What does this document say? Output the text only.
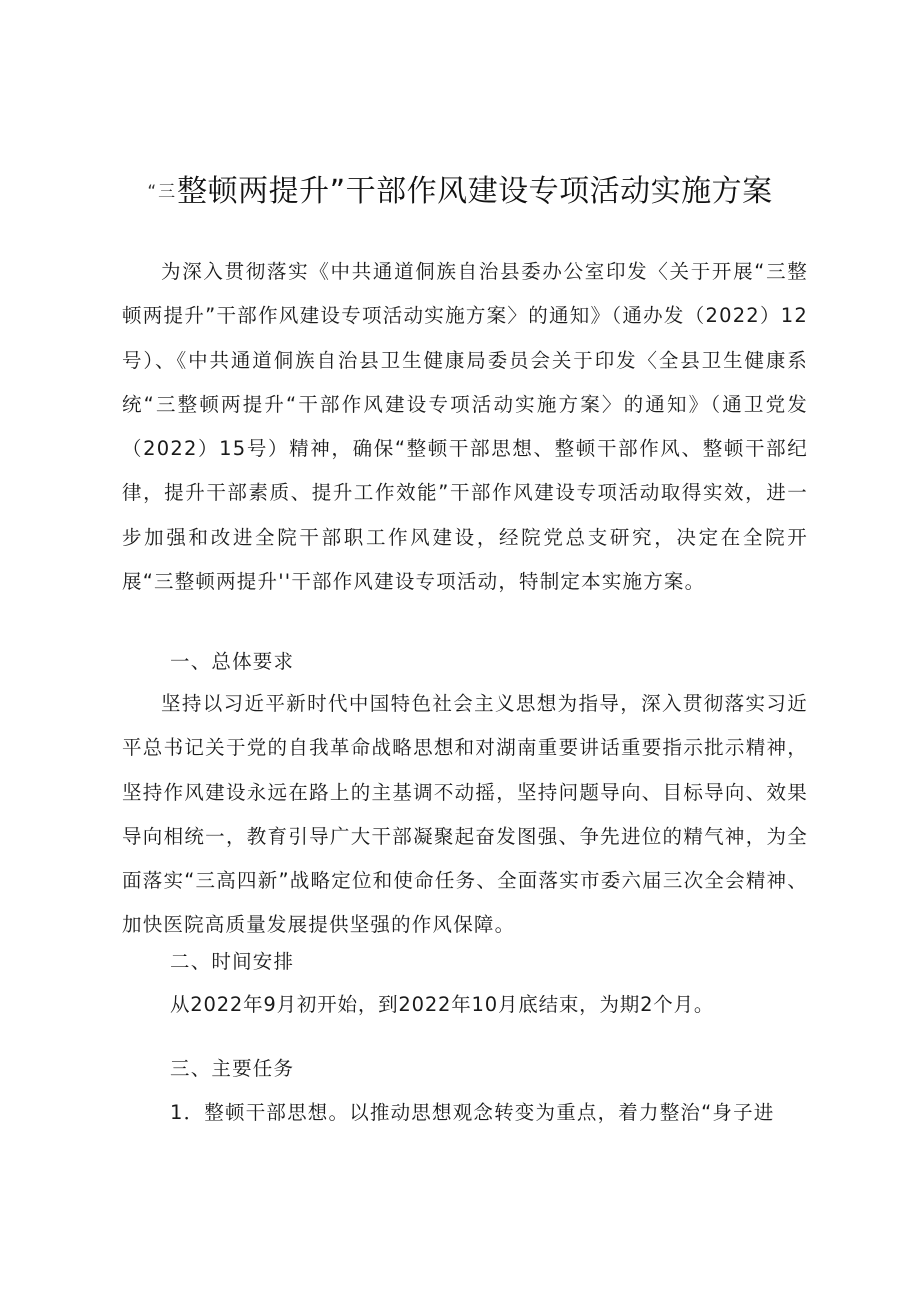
“三整顿两提升”干部作风建设专项活动实施方案

为深入贯彻落实《中共通道侗族自治县委办公室印发〈关于开展“三整顿两提升”干部作风建设专项活动实施方案〉的通知》（通办发（2022）12号）、《中共通道侗族自治县卫生健康局委员会关于印发〈全县卫生健康系统“三整顿两提升“干部作风建设专项活动实施方案〉的通知》（通卫党发（2022）15号）精神，确保“整顿干部思想、整顿干部作风、整顿干部纪律，提升干部素质、提升工作效能”干部作风建设专项活动取得实效，进一步加强和改进全院干部职工作风建设，经院党总支研究，决定在全院开展“三整顿两提升''干部作风建设专项活动，特制定本实施方案。

一、总体要求

坚持以习近平新时代中国特色社会主义思想为指导，深入贯彻落实习近平总书记关于党的自我革命战略思想和对湖南重要讲话重要指示批示精神，坚持作风建设永远在路上的主基调不动摇，坚持问题导向、目标导向、效果导向相统一，教育引导广大干部凝聚起奋发图强、争先进位的精气神，为全面落实“三高四新”战略定位和使命任务、全面落实市委六届三次全会精神、加快医院高质量发展提供坚强的作风保障。

二、时间安排

从2022年9月初开始，到2022年10月底结束，为期2个月。

三、主要任务

1．整顿干部思想。以推动思想观念转变为重点，着力整治“身子进
